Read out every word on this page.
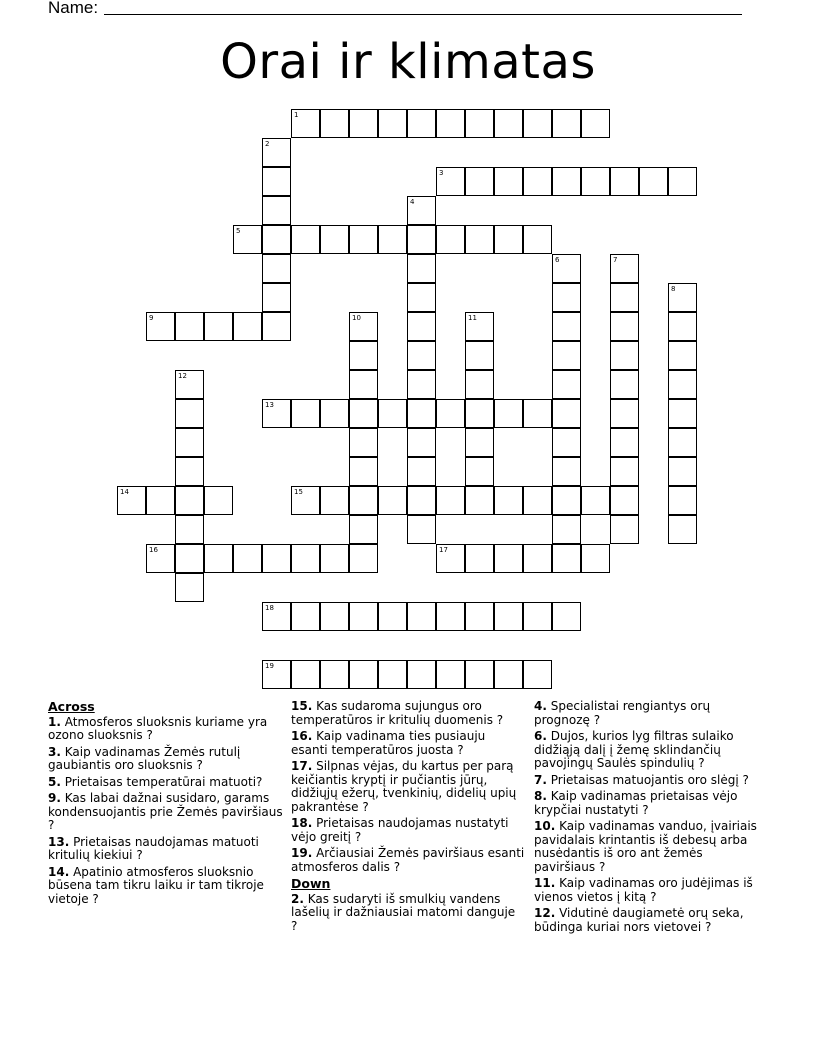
Name:
Orai ir klimatas
1
3
5
9
13
14	15
16	17
18
19
2
4
6	7
8
10	11
12
Across
1. Atmosferos sluoksnis kuriame yra ozono sluoksnis ?
3. Kaip vadinamas Žemės rutulį gaubiantis oro sluoksnis ?
5. Prietaisas temperatūrai matuoti?
9. Kas labai dažnai susidaro, garams kondensuojantis prie Žemės paviršiaus ?
13. Prietaisas naudojamas matuoti kritulių kiekiui ?
14. Apatinio atmosferos sluoksnio būsena tam tikru laiku ir tam tikroje vietoje ?
15. Kas sudaroma sujungus oro temperatūros ir kritulių duomenis ?
16. Kaip vadinama ties pusiauju esanti temperatūros juosta ?
17. Silpnas vėjas, du kartus per parą keičiantis kryptį ir pučiantis jūrų, didžiųjų ežerų, tvenkinių, didelių upių pakrantėse ?
18. Prietaisas naudojamas nustatyti vėjo greitį ?
19. Arčiausiai Žemės paviršiaus esanti atmosferos dalis ?
Down
2. Kas sudaryti iš smulkių vandens lašelių ir dažniausiai matomi danguje ?
4. Specialistai rengiantys orų prognozę ?
6. Dujos, kurios lyg filtras sulaiko didžiąją dalį į žemę sklindančių pavojingų Saulės spindulių ?
7. Prietaisas matuojantis oro slėgį ?
8. Kaip vadinamas prietaisas vėjo krypčiai nustatyti ?
10. Kaip vadinamas vanduo, įvairiais pavidalais krintantis iš debesų arba nusėdantis iš oro ant žemės paviršiaus ?
11. Kaip vadinamas oro judėjimas iš vienos vietos į kitą ?
12. Vidutinė daugiametė orų seka, būdinga kuriai nors vietovei ?
